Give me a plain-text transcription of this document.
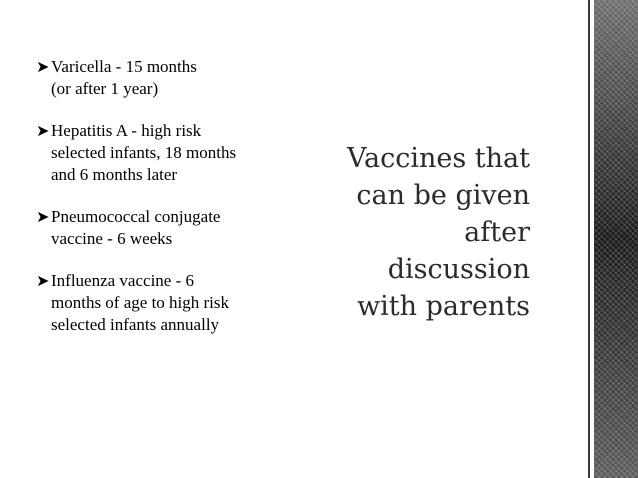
➤ Varicella - 15 months
(or after 1 year)
➤ Hepatitis A - high risk
selected infants, 18 months
and 6 months later
➤ Pneumococcal conjugate
vaccine - 6 weeks
➤ Influenza vaccine - 6
months of age to high risk
selected infants annually
Vaccines that
can be given
after
discussion
with parents
